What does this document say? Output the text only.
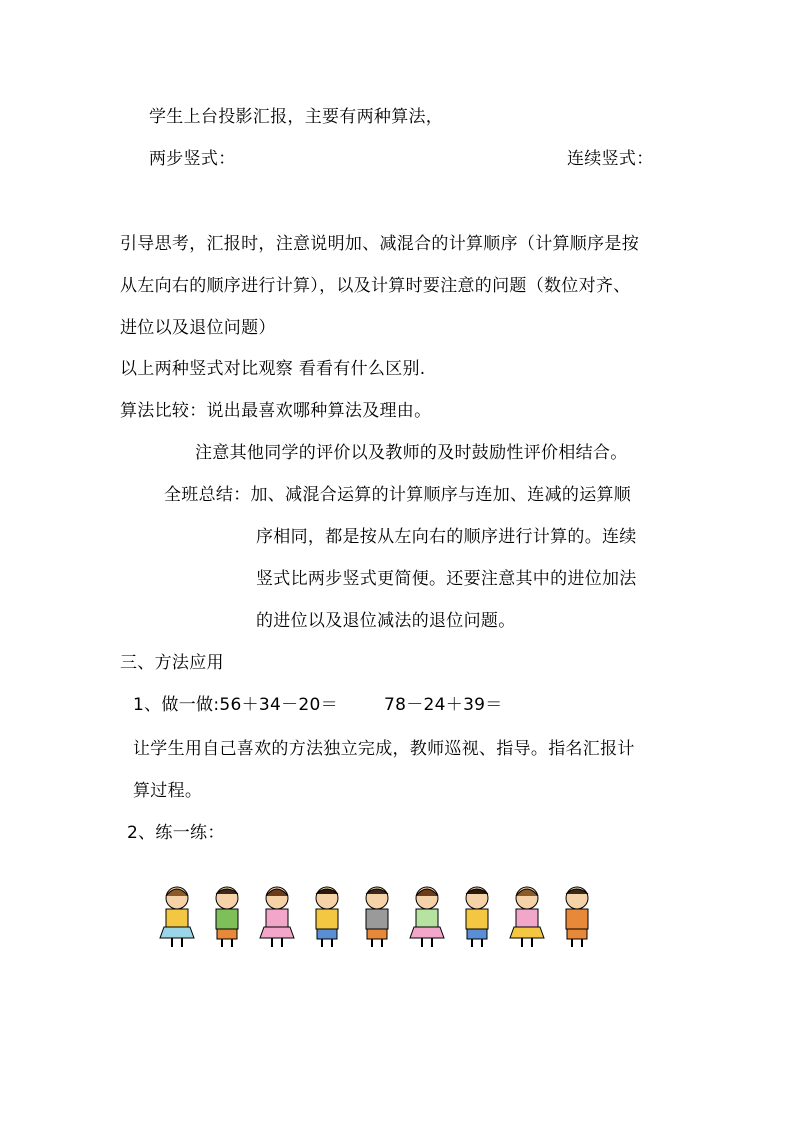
学生上台投影汇报，主要有两种算法，
两步竖式：	连续竖式：
引导思考，汇报时，注意说明加、减混合的计算顺序（计算顺序是按
从左向右的顺序进行计算），以及计算时要注意的问题（数位对齐、
进位以及退位问题）
以上两种竖式对比观察 看看有什么区别.
算法比较：说出最喜欢哪种算法及理由。
注意其他同学的评价以及教师的及时鼓励性评价相结合。
全班总结：加、减混合运算的计算顺序与连加、连减的运算顺
序相同，都是按从左向右的顺序进行计算的。连续
竖式比两步竖式更简便。还要注意其中的进位加法
的进位以及退位减法的退位问题。
三、方法应用
1、做一做:56＋34－20＝	78－24＋39＝
让学生用自己喜欢的方法独立完成，教师巡视、指导。指名汇报计
算过程。
2、练一练：
